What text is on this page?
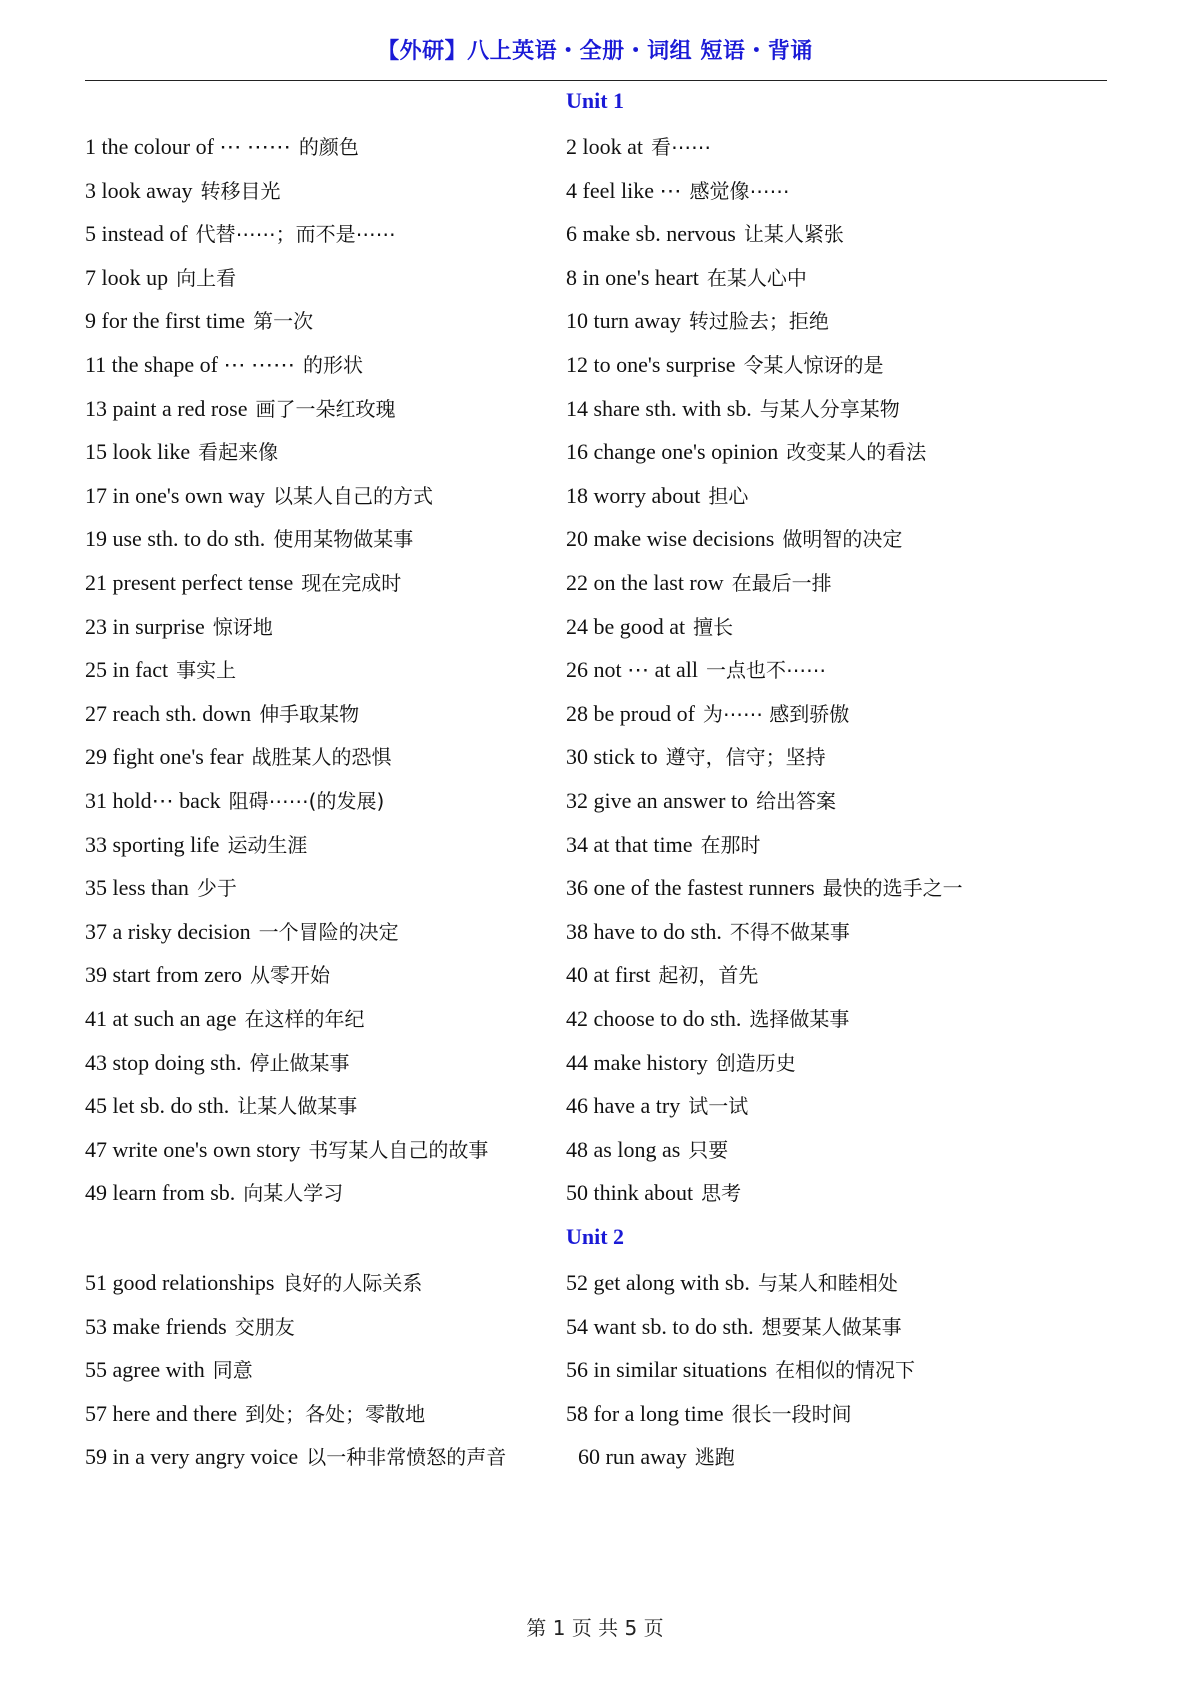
【外研】八上英语・全册・词组 短语・背诵
Unit 1
1 the colour of ⋯ ⋯⋯ 的颜色	2 look at 看⋯⋯
3 look away 转移目光	4 feel like ⋯ 感觉像⋯⋯
5 instead of 代替⋯⋯；而不是⋯⋯	6 make sb. nervous 让某人紧张
7 look up 向上看	8 in one's heart 在某人心中
9 for the first time 第一次	10 turn away 转过脸去；拒绝
11 the shape of ⋯ ⋯⋯ 的形状	12 to one's surprise 令某人惊讶的是
13 paint a red rose 画了一朵红玫瑰	14 share sth. with sb. 与某人分享某物
15 look like 看起来像	16 change one's opinion 改变某人的看法
17 in one's own way 以某人自己的方式	18 worry about 担心
19 use sth. to do sth. 使用某物做某事	20 make wise decisions 做明智的决定
21 present perfect tense 现在完成时	22 on the last row 在最后一排
23 in surprise 惊讶地	24 be good at 擅长
25 in fact 事实上	26 not ⋯ at all 一点也不⋯⋯
27 reach sth. down 伸手取某物	28 be proud of 为⋯⋯ 感到骄傲
29 fight one's fear 战胜某人的恐惧	30 stick to 遵守，信守；坚持
31 hold⋯ back 阻碍⋯⋯(的发展)	32 give an answer to 给出答案
33 sporting life 运动生涯	34 at that time 在那时
35 less than 少于	36 one of the fastest runners 最快的选手之一
37 a risky decision 一个冒险的决定	38 have to do sth. 不得不做某事
39 start from zero 从零开始	40 at first 起初，首先
41 at such an age 在这样的年纪	42 choose to do sth. 选择做某事
43 stop doing sth. 停止做某事	44 make history 创造历史
45 let sb. do sth. 让某人做某事	46 have a try 试一试
47 write one's own story 书写某人自己的故事	48 as long as 只要
49 learn from sb. 向某人学习	50 think about 思考
Unit 2
51 good relationships 良好的人际关系	52 get along with sb. 与某人和睦相处
53 make friends 交朋友	54 want sb. to do sth. 想要某人做某事
55 agree with 同意	56 in similar situations 在相似的情况下
57 here and there 到处；各处；零散地	58 for a long time 很长一段时间
59 in a very angry voice 以一种非常愤怒的声音	60 run away 逃跑
第 1 页 共 5 页
